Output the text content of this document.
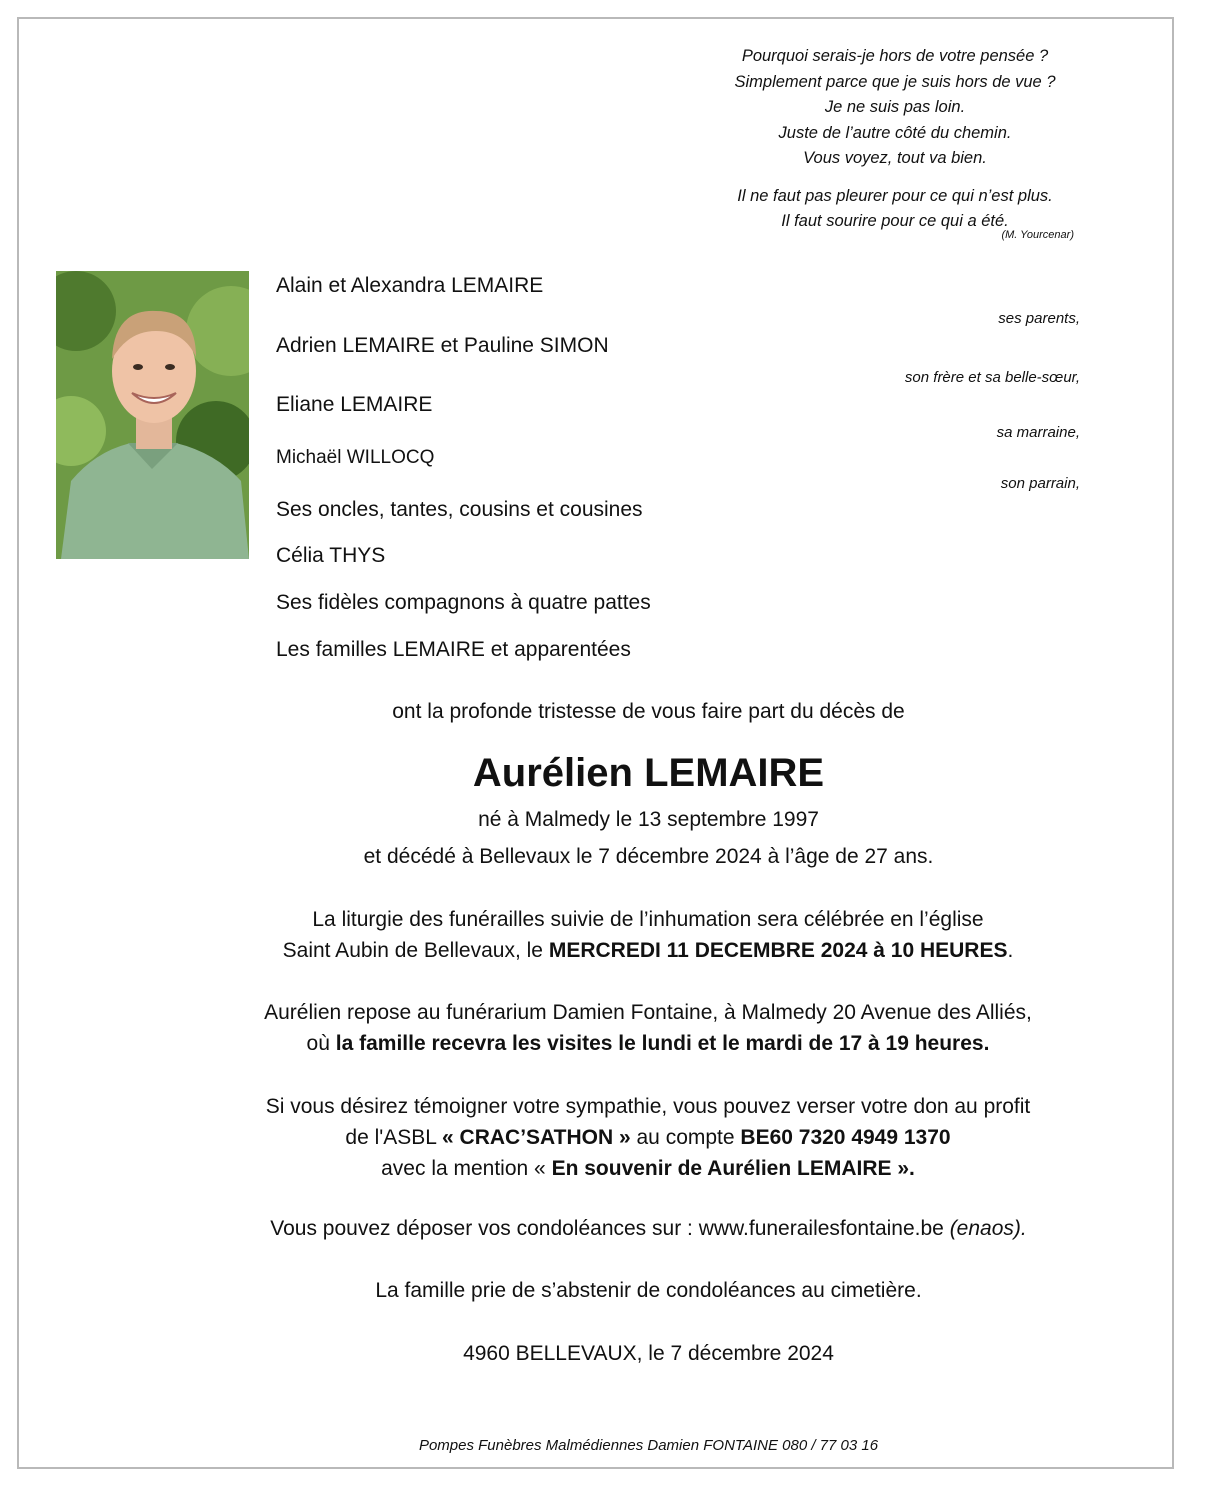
Pourquoi serais-je hors de votre pensée ?
Simplement parce que je suis hors de vue ?
Je ne suis pas loin.
Juste de l’autre côté du chemin.
Vous voyez, tout va bien.
Il ne faut pas pleurer pour ce qui n’est plus.
Il faut sourire pour ce qui a été.
(M. Yourcenar)
Alain et Alexandra LEMAIRE
ses parents,
Adrien LEMAIRE et Pauline SIMON
son frère et sa belle-sœur,
Eliane LEMAIRE
sa marraine,
Michaël WILLOCQ
son parrain,
Ses oncles, tantes, cousins et cousines
Célia THYS
Ses fidèles compagnons à quatre pattes
Les familles LEMAIRE et apparentées
ont la profonde tristesse de vous faire part du décès de
Aurélien LEMAIRE
né à Malmedy le 13 septembre 1997
et décédé à Bellevaux le 7 décembre 2024 à l’âge de 27 ans.
La liturgie des funérailles suivie de l’inhumation sera célébrée en l’église
Saint Aubin de Bellevaux, le MERCREDI 11 DECEMBRE 2024 à 10 HEURES.
Aurélien repose au funérarium Damien Fontaine, à Malmedy 20 Avenue des Alliés,
où la famille recevra les visites le lundi et le mardi de 17 à 19 heures.
Si vous désirez témoigner votre sympathie, vous pouvez verser votre don au profit
de l'ASBL « CRAC’SATHON » au compte BE60 7320 4949 1370
avec la mention « En souvenir de Aurélien LEMAIRE ».
Vous pouvez déposer vos condoléances sur : www.funerailesfontaine.be (enaos).
La famille prie de s’abstenir de condoléances au cimetière.
4960 BELLEVAUX, le 7 décembre 2024
Pompes Funèbres Malmédiennes Damien FONTAINE 080 / 77 03 16
